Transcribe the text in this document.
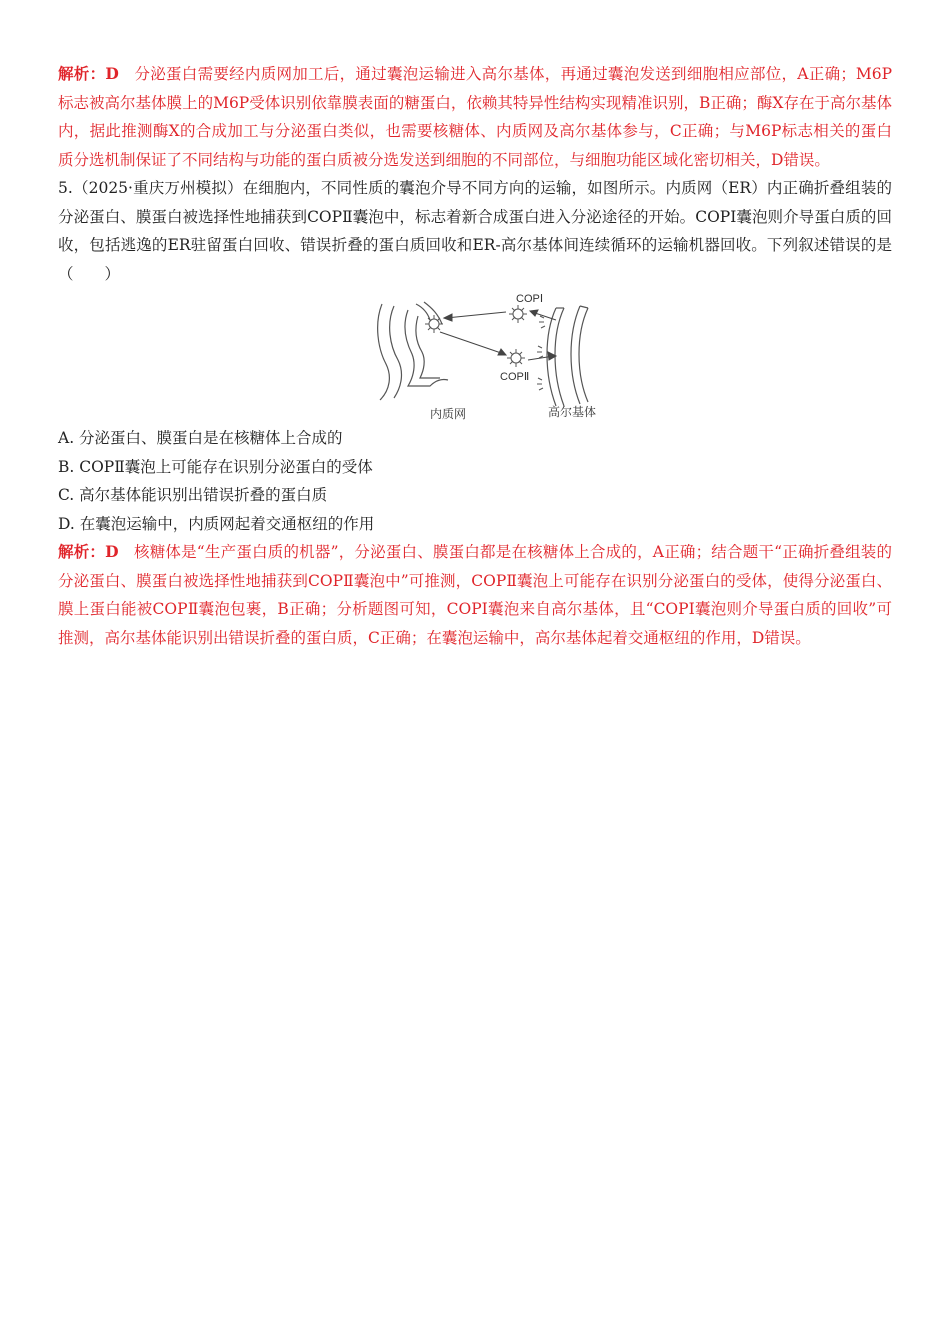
解析：D 分泌蛋白需要经内质网加工后，通过囊泡运输进入高尔基体，再通过囊泡发送到细胞相应部位，A正确；M6P标志被高尔基体膜上的M6P受体识别依靠膜表面的糖蛋白，依赖其特异性结构实现精准识别，B正确；酶X存在于高尔基体内，据此推测酶X的合成加工与分泌蛋白类似，也需要核糖体、内质网及高尔基体参与，C正确；与M6P标志相关的蛋白质分选机制保证了不同结构与功能的蛋白质被分选发送到细胞的不同部位，与细胞功能区域化密切相关，D错误。

5.（2025·重庆万州模拟）在细胞内，不同性质的囊泡介导不同方向的运输，如图所示。内质网（ER）内正确折叠组装的分泌蛋白、膜蛋白被选择性地捕获到COPⅡ囊泡中，标志着新合成蛋白进入分泌途径的开始。COPI囊泡则介导蛋白质的回收，包括逃逸的ER驻留蛋白回收、错误折叠的蛋白质回收和ER-高尔基体间连续循环的运输机器回收。下列叙述错误的是（　　）

COPⅠ
COPⅡ
内质网	高尔基体

A. 分泌蛋白、膜蛋白是在核糖体上合成的

B. COPⅡ囊泡上可能存在识别分泌蛋白的受体

C. 高尔基体能识别出错误折叠的蛋白质

D. 在囊泡运输中，内质网起着交通枢纽的作用

解析：D 核糖体是“生产蛋白质的机器”，分泌蛋白、膜蛋白都是在核糖体上合成的，A正确；结合题干“正确折叠组装的分泌蛋白、膜蛋白被选择性地捕获到COPⅡ囊泡中”可推测，COPⅡ囊泡上可能存在识别分泌蛋白的受体，使得分泌蛋白、膜上蛋白能被COPⅡ囊泡包裹，B正确；分析题图可知，COPI囊泡来自高尔基体，且“COPI囊泡则介导蛋白质的回收”可推测，高尔基体能识别出错误折叠的蛋白质，C正确；在囊泡运输中，高尔基体起着交通枢纽的作用，D错误。
